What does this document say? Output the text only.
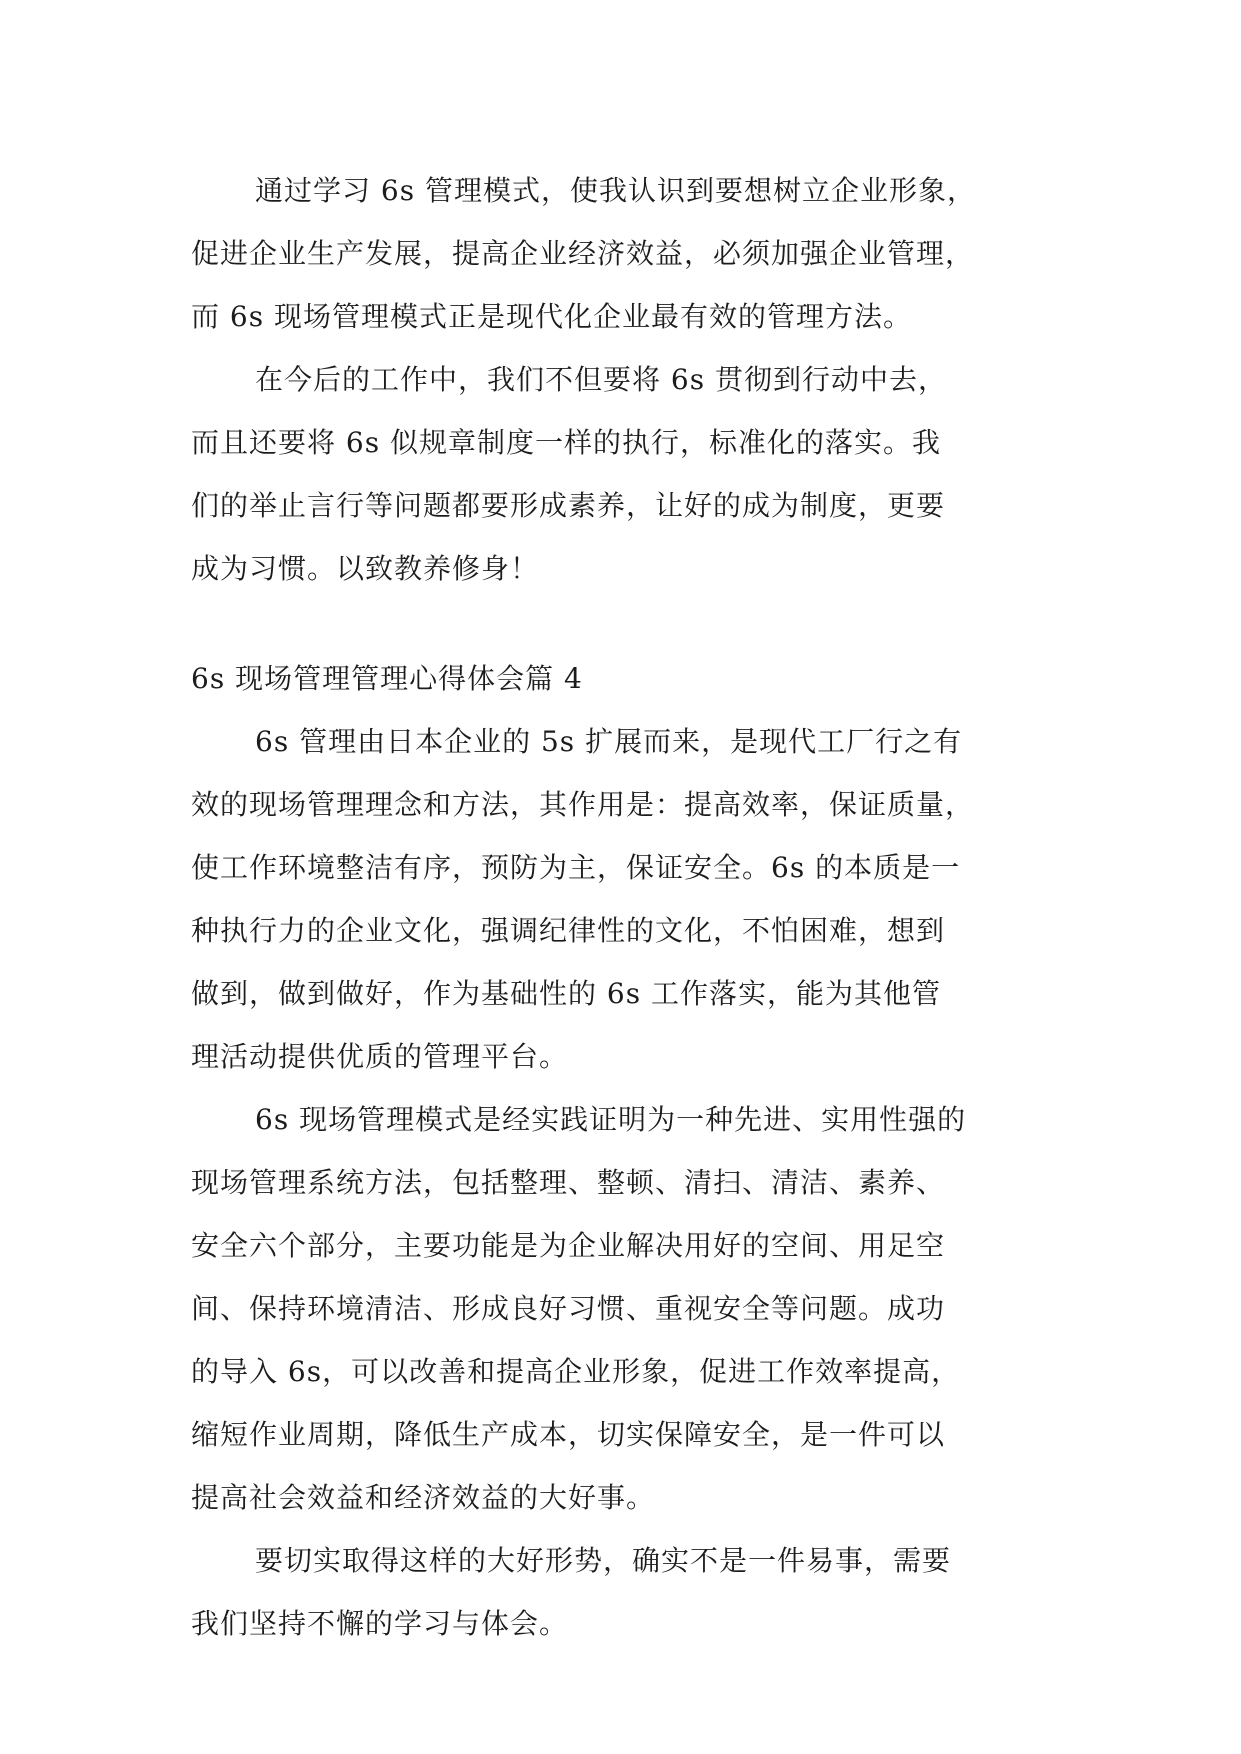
通过学习 6s 管理模式，使我认识到要想树立企业形象，
促进企业生产发展，提高企业经济效益，必须加强企业管理，
而 6s 现场管理模式正是现代化企业最有效的管理方法。
在今后的工作中，我们不但要将 6s 贯彻到行动中去，
而且还要将 6s 似规章制度一样的执行，标准化的落实。我
们的举止言行等问题都要形成素养，让好的成为制度，更要
成为习惯。以致教养修身！
6s 现场管理管理心得体会篇 4
6s 管理由日本企业的 5s 扩展而来，是现代工厂行之有
效的现场管理理念和方法，其作用是：提高效率，保证质量，
使工作环境整洁有序，预防为主，保证安全。6s 的本质是一
种执行力的企业文化，强调纪律性的文化，不怕困难，想到
做到，做到做好，作为基础性的 6s 工作落实，能为其他管
理活动提供优质的管理平台。
6s 现场管理模式是经实践证明为一种先进、实用性强的
现场管理系统方法，包括整理、整顿、清扫、清洁、素养、
安全六个部分，主要功能是为企业解决用好的空间、用足空
间、保持环境清洁、形成良好习惯、重视安全等问题。成功
的导入 6s，可以改善和提高企业形象，促进工作效率提高，
缩短作业周期，降低生产成本，切实保障安全，是一件可以
提高社会效益和经济效益的大好事。
要切实取得这样的大好形势，确实不是一件易事，需要
我们坚持不懈的学习与体会。
